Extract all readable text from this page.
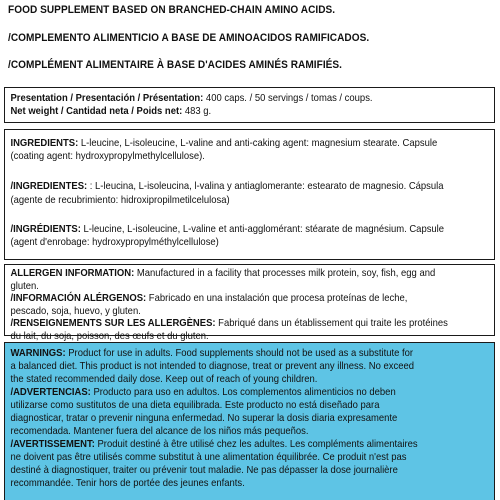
FOOD SUPPLEMENT BASED ON BRANCHED-CHAIN AMINO ACIDS.
/COMPLEMENTO ALIMENTICIO A BASE DE AMINOACIDOS RAMIFICADOS.
/COMPLÉMENT ALIMENTAIRE À BASE D'ACIDES AMINÉS RAMIFIÉS.
Presentation / Presentación / Présentation: 400 caps. / 50 servings / tomas / coups.
Net weight / Cantidad neta / Poids net: 483 g.
INGREDIENTS: L-leucine, L-isoleucine, L-valine and anti-caking agent: magnesium stearate. Capsule
(coating agent: hydroxypropylmethylcellulose).
/INGREDIENTES: : L-leucina, L-isoleucina, l-valina y antiaglomerante: estearato de magnesio. Cápsula
(agente de recubrimiento: hidroxipropilmetilcelulosa)
/INGRÉDIENTS: L-leucine, L-isoleucine, L-valine et anti-agglomérant: stéarate de magnésium. Capsule
(agent d'enrobage: hydroxypropylméthylcellulose)
ALLERGEN INFORMATION: Manufactured in a facility that processes milk protein, soy, fish, egg and
gluten.
/INFORMACIÓN ALÉRGENOS: Fabricado en una instalación que procesa proteínas de leche,
pescado, soja, huevo, y gluten.
/RENSEIGNEMENTS SUR LES ALLERGÈNES: Fabriqué dans un établissement qui traite les protéines
du lait, du soja, poisson, des œufs et du gluten.
WARNINGS: Product for use in adults. Food supplements should not be used as a substitute for
a balanced diet. This product is not intended to diagnose, treat or prevent any illness. No exceed
the stated recommended daily dose. Keep out of reach of young children.
/ADVERTENCIAS: Producto para uso en adultos. Los complementos alimenticios no deben
utilizarse como sustitutos de una dieta equilibrada. Este producto no está diseñado para
diagnosticar, tratar o prevenir ninguna enfermedad. No superar la dosis diaria expresamente
recomendada. Mantener fuera del alcance de los niños más pequeños.
/AVERTISSEMENT: Produit destiné à être utilisé chez les adultes. Les compléments alimentaires
ne doivent pas être utilisés comme substitut à une alimentation équilibrée. Ce produit n'est pas
destiné à diagnostiquer, traiter ou prévenir tout maladie. Ne pas dépasser la dose journalière
recommandée. Tenir hors de portée des jeunes enfants.
